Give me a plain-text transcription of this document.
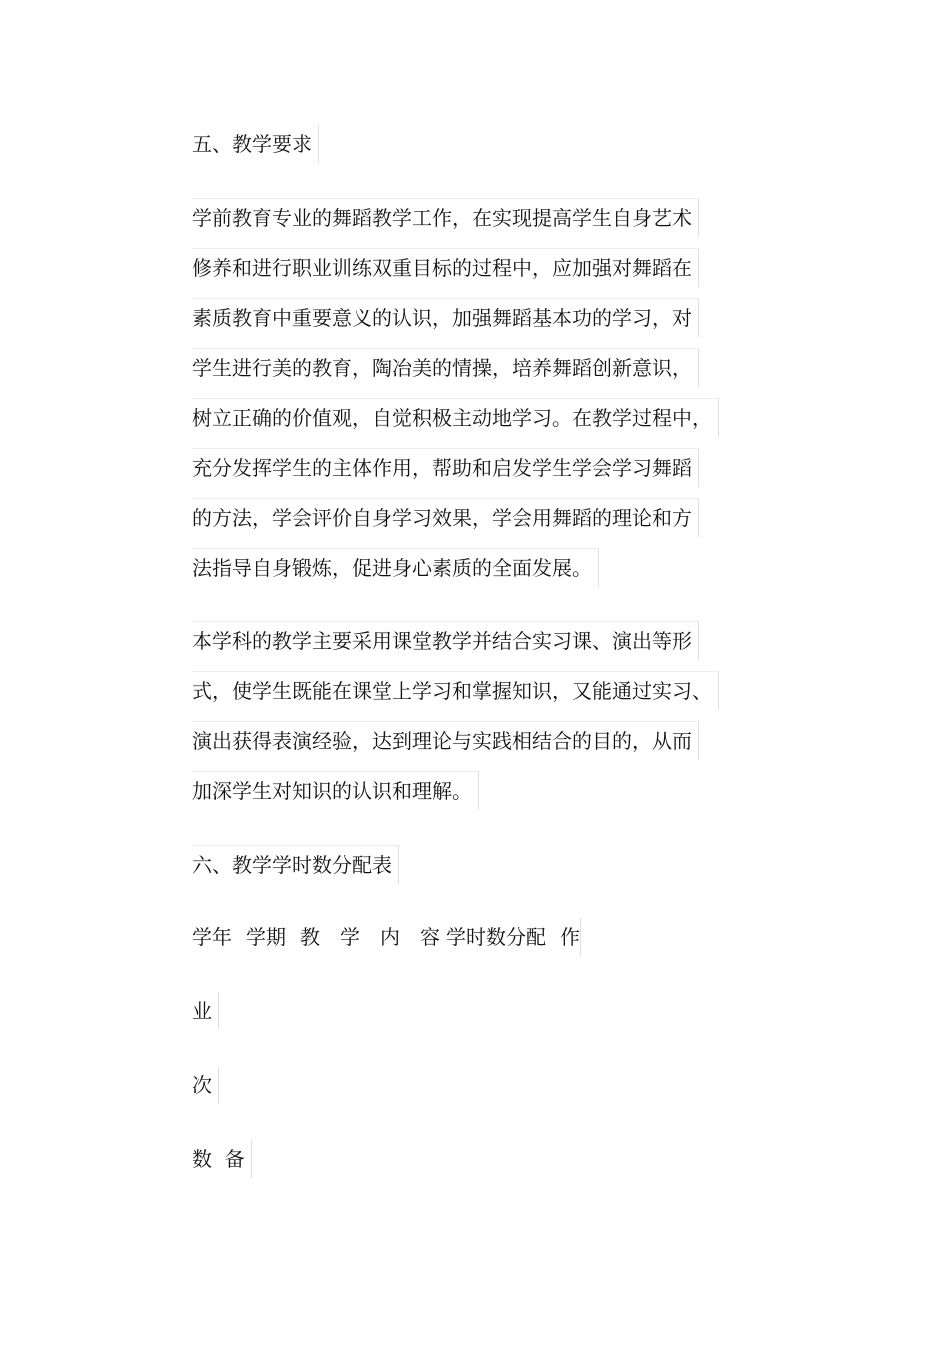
五、教学要求
学前教育专业的舞蹈教学工作，在实现提高学生自身艺术
修养和进行职业训练双重目标的过程中，应加强对舞蹈在
素质教育中重要意义的认识，加强舞蹈基本功的学习，对
学生进行美的教育，陶冶美的情操，培养舞蹈创新意识，
树立正确的价值观，自觉积极主动地学习。在教学过程中，
充分发挥学生的主体作用，帮助和启发学生学会学习舞蹈
的方法，学会评价自身学习效果，学会用舞蹈的理论和方
法指导自身锻炼，促进身心素质的全面发展。
本学科的教学主要采用课堂教学并结合实习课、演出等形
式，使学生既能在课堂上学习和掌握知识，又能通过实习、
演出获得表演经验，达到理论与实践相结合的目的，从而
加深学生对知识的认识和理解。
六、教学学时数分配表
学年 学期 教　学　内　容 学时数分配 作
业
次
数  备
